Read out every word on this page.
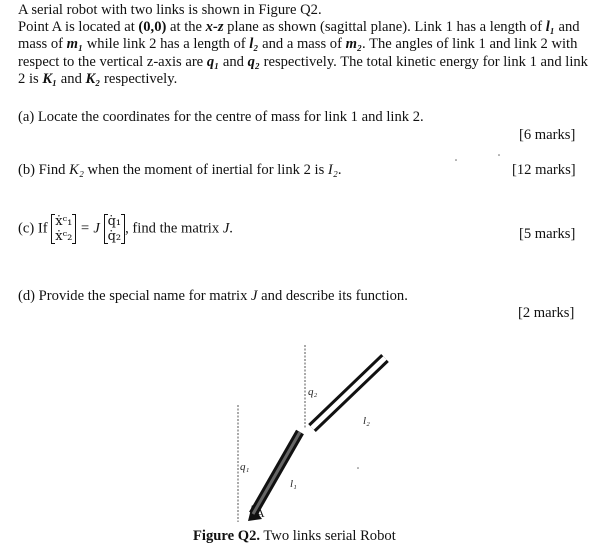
A serial robot with two links is shown in Figure Q2.

Point A is located at (0,0) at the x-z plane as shown (sagittal plane). Link 1 has a length of l₁ and mass of m₁ while link 2 has a length of l₂ and a mass of m₂. The angles of link 1 and link 2 with respect to the vertical z-axis are q₁ and q₂ respectively. The total kinetic energy for link 1 and link 2 is K₁ and K₂ respectively.

(a) Locate the coordinates for the centre of mass for link 1 and link 2.
[6 marks]
(b) Find K₂ when the moment of inertial for link 2 is I₂.	[12 marks]
(c) If ẋᶜ₁
ẋᶜ₂
= J q̇₁
q̇₂
, find the matrix J.	[5 marks]
(d) Provide the special name for matrix J and describe its function.
[2 marks]
q₁
q₂
l₁
l₂
A
Figure Q2. Two links serial Robot
